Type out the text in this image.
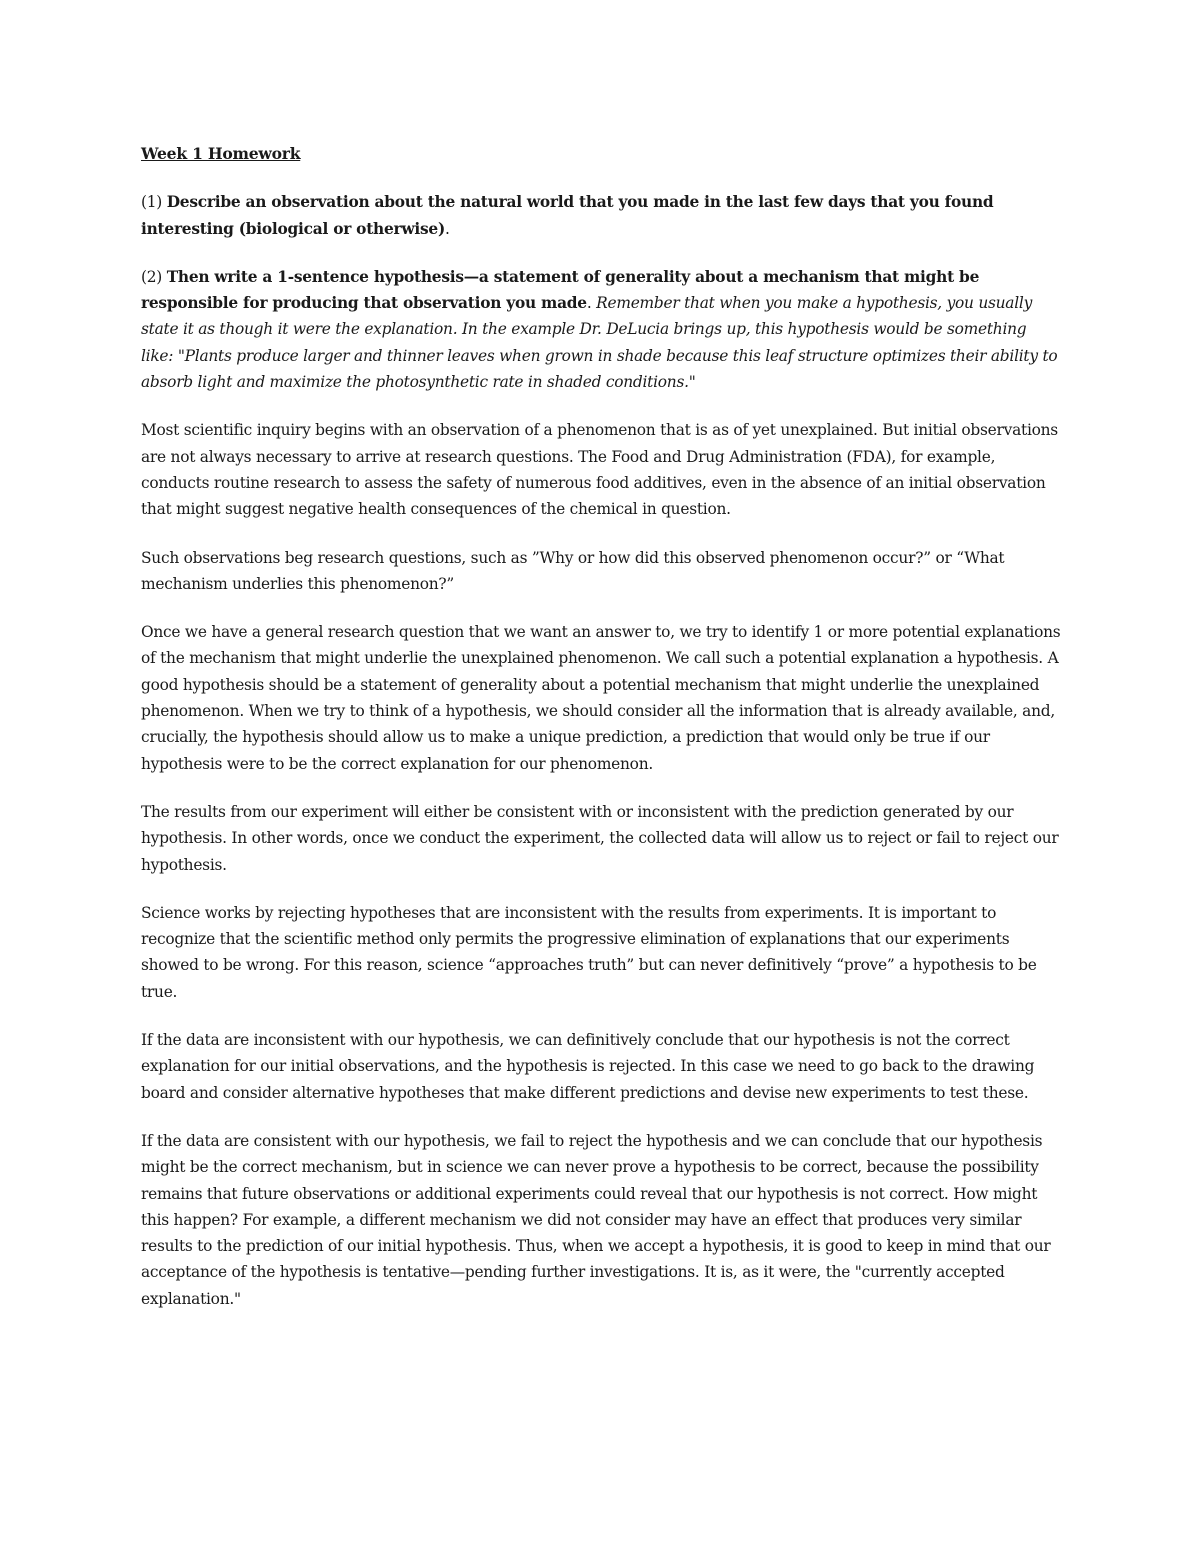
Week 1 Homework

(1) Describe an observation about the natural world that you made in the last few days that you found interesting (biological or otherwise).

(2) Then write a 1-sentence hypothesis—a statement of generality about a mechanism that might be responsible for producing that observation you made. Remember that when you make a hypothesis, you usually state it as though it were the explanation. In the example Dr. DeLucia brings up, this hypothesis would be something like: "Plants produce larger and thinner leaves when grown in shade because this leaf structure optimizes their ability to absorb light and maximize the photosynthetic rate in shaded conditions."

Most scientific inquiry begins with an observation of a phenomenon that is as of yet unexplained. But initial observations are not always necessary to arrive at research questions. The Food and Drug Administration (FDA), for example, conducts routine research to assess the safety of numerous food additives, even in the absence of an initial observation that might suggest negative health consequences of the chemical in question.

Such observations beg research questions, such as ”Why or how did this observed phenomenon occur?” or “What mechanism underlies this phenomenon?”

Once we have a general research question that we want an answer to, we try to identify 1 or more potential explanations of the mechanism that might underlie the unexplained phenomenon. We call such a potential explanation a hypothesis. A good hypothesis should be a statement of generality about a potential mechanism that might underlie the unexplained phenomenon. When we try to think of a hypothesis, we should consider all the information that is already available, and, crucially, the hypothesis should allow us to make a unique prediction, a prediction that would only be true if our hypothesis were to be the correct explanation for our phenomenon.

The results from our experiment will either be consistent with or inconsistent with the prediction generated by our hypothesis. In other words, once we conduct the experiment, the collected data will allow us to reject or fail to reject our hypothesis.

Science works by rejecting hypotheses that are inconsistent with the results from experiments. It is important to recognize that the scientific method only permits the progressive elimination of explanations that our experiments showed to be wrong. For this reason, science “approaches truth” but can never definitively “prove” a hypothesis to be true.

If the data are inconsistent with our hypothesis, we can definitively conclude that our hypothesis is not the correct explanation for our initial observations, and the hypothesis is rejected. In this case we need to go back to the drawing board and consider alternative hypotheses that make different predictions and devise new experiments to test these.

If the data are consistent with our hypothesis, we fail to reject the hypothesis and we can conclude that our hypothesis might be the correct mechanism, but in science we can never prove a hypothesis to be correct, because the possibility remains that future observations or additional experiments could reveal that our hypothesis is not correct. How might this happen? For example, a different mechanism we did not consider may have an effect that produces very similar results to the prediction of our initial hypothesis. Thus, when we accept a hypothesis, it is good to keep in mind that our acceptance of the hypothesis is tentative—pending further investigations. It is, as it were, the "currently accepted explanation."
